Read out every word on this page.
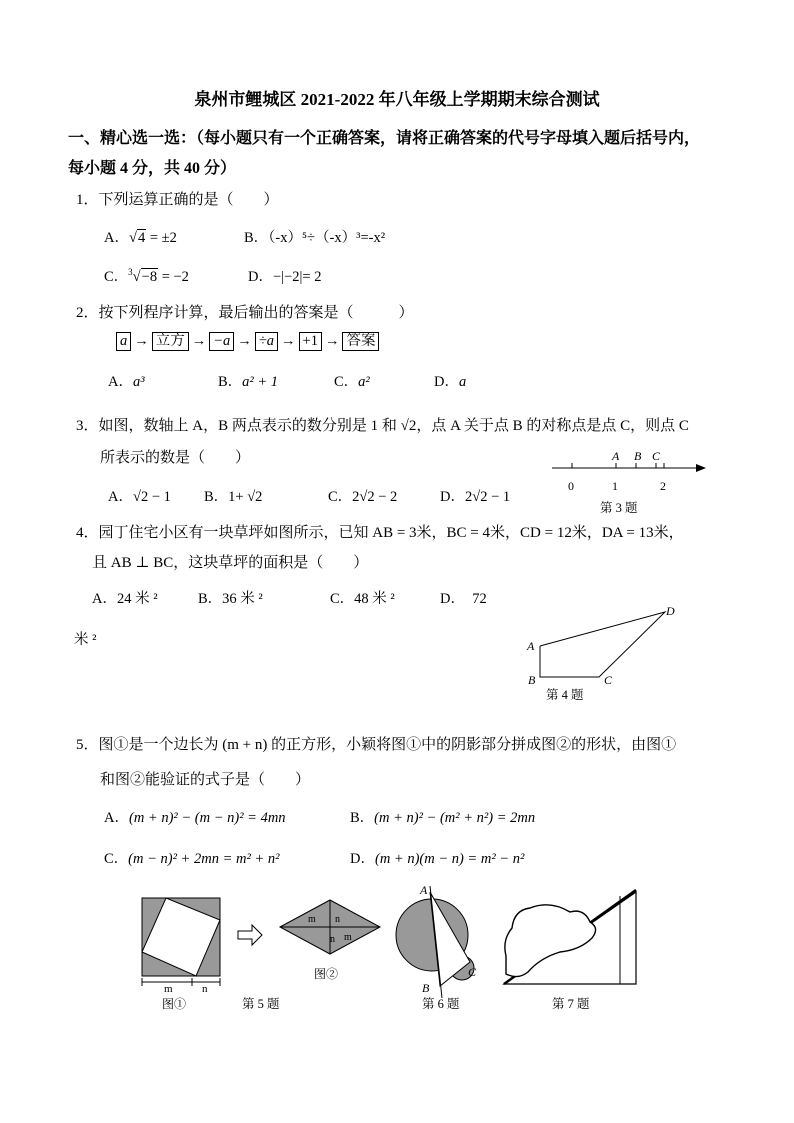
泉州市鲤城区 2021-2022 年八年级上学期期末综合测试
一、精心选一选：（每小题只有一个正确答案，请将正确答案的代号字母填入题后括号内，
每小题 4 分，共 40 分）
1．下列运算正确的是（　　）
A．√4 = ±2	B．（-x）⁵÷（-x）³=-x²
C．$^3$√−8 = −2	D．−|−2|= 2
2．按下列程序计算，最后输出的答案是（　　　）
a → 立方 → −a → ÷a → +1 → 答案
A．a³	B．a² + 1	C．a²	D．a
3．如图，数轴上 A，B 两点表示的数分别是 1 和 √2，点 A 关于点 B 的对称点是点 C，则点 C
所表示的数是（　　）
A．√2 − 1 B．1+ √2	C．2√2 − 2	D．2√2 − 1
0	1	2
A B C
第 3 题
4．园丁住宅小区有一块草坪如图所示，已知 AB = 3米，BC = 4米，CD = 12米，DA = 13米，
且 AB ⊥ BC，这块草坪的面积是（　　）
A．24 米 ²	B．36 米 ²	C．48 米 ²	D．　72
米 ²	A
B	C
D
第 4 题
5．图①是一个边长为 (m + n) 的正方形，小颖将图①中的阴影部分拼成图②的形状，由图①
和图②能验证的式子是（　　）
A．(m + n)² − (m − n)² = 4mn	B．(m + n)² − (m² + n²) = 2mn
C．(m − n)² + 2mn = m² + n²	D．(m + n)(m − n) = m² − n²
m	n
图①
m n
m
n
图②
第 5 题
A
B
C
第 6 题	第 7 题
